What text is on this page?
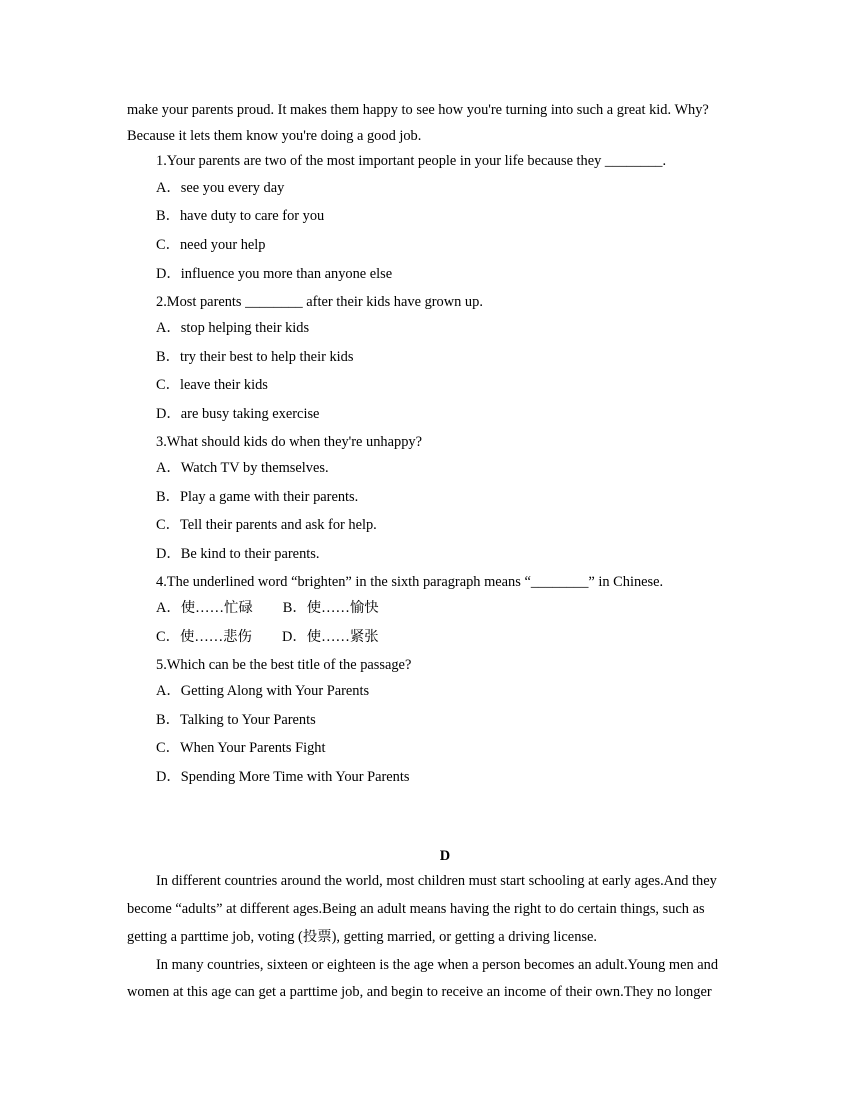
make your parents proud. It makes them happy to see how you're turning into such a great kid. Why?
Because it lets them know you're doing a good job.
1.Your parents are two of the most important people in your life because they ________.
A．see you every day
B．have duty to care for you
C．need your help
D．influence you more than anyone else
2.Most parents ________ after their kids have grown up.
A．stop helping their kids
B．try their best to help their kids
C．leave their kids
D．are busy taking exercise
3.What should kids do when they're unhappy?
A．Watch TV by themselves.
B．Play a game with their parents.
C．Tell their parents and ask for help.
D．Be kind to their parents.
4.The underlined word “brighten” in the sixth paragraph means “________” in Chinese.
A．使……忙碌 B．使……愉快
C．使……悲伤 D．使……紧张
5.Which can be the best title of the passage?
A．Getting Along with Your Parents
B．Talking to Your Parents
C．When Your Parents Fight
D．Spending More Time with Your Parents
D
In different countries around the world, most children must start schooling at early ages.And they
become “adults” at different ages.Being an adult means having the right to do certain things, such as
getting a parttime job, voting (投票), getting married, or getting a driving license.
In many countries, sixteen or eighteen is the age when a person becomes an adult.Young men and
women at this age can get a parttime job, and begin to receive an income of their own.They no longer
